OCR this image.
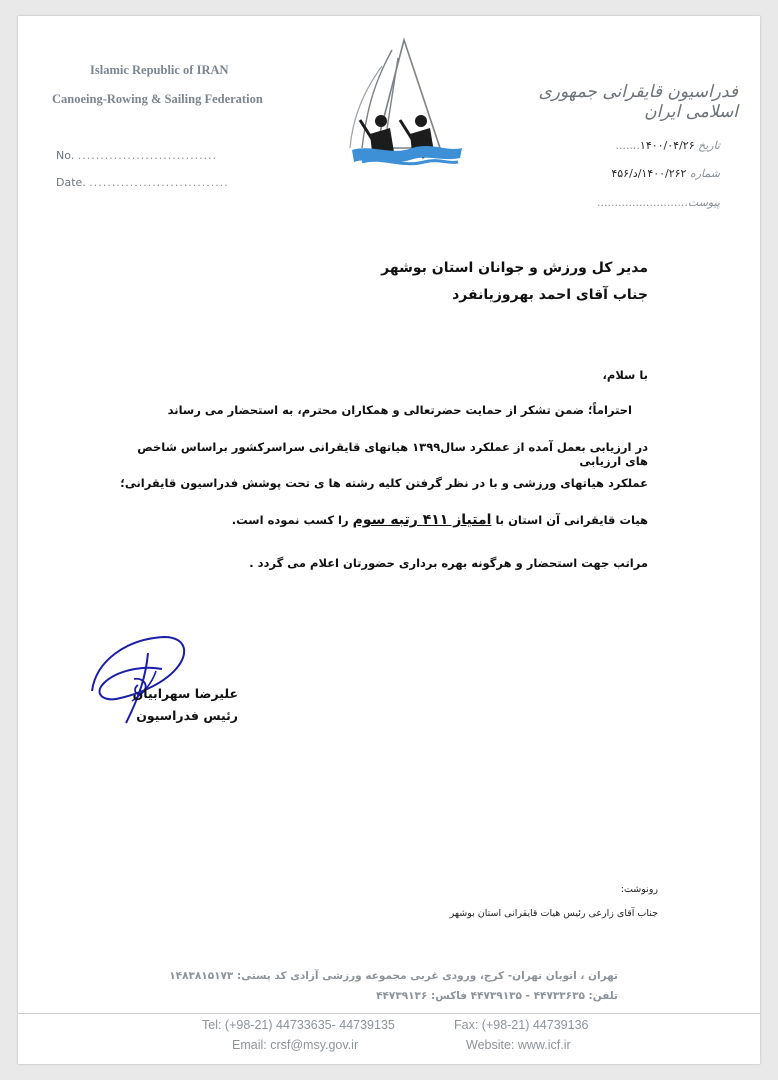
Islamic Republic of IRAN
Canoeing-Rowing & Sailing Federation
No. ...............................
Date. ...............................
فدراسیون قایقرانی جمهوری اسلامی ایران
تاریخ ۱۴۰۰/۰۴/۲۶.......
شماره ۱۴۰۰/۲۶۲/د/۴۵۶
پیوست..........................
مدیر کل ورزش و جوانان استان بوشهر
جناب آقای احمد بهروزیانفرد
با سلام،
احتراماً؛ ضمن تشکر از حمایت حضرتعالی و همکاران محترم، به استحضار می رساند
در ارزیابی بعمل آمده از عملکرد سال۱۳۹۹ هیاتهای قایقرانی سراسرکشور براساس شاخص های ارزیابی
عملکرد هیاتهای ورزشی و با در نظر گرفتن کلیه رشته ها ی تحت پوشش فدراسیون قایقرانی؛
هیات قایقرانی آن استان با امتیاز ۴۱۱ رتبه سوم را کسب نموده است.
مراتب جهت استحضار و هرگونه بهره برداری حضورتان اعلام می گردد .
علیرضا سهرابیان
رئیس فدراسیون
رونوشت:
جناب آقای زارعی رئیس هیات قایقرانی استان بوشهر
تهران ، اتوبان تهران- کرج، ورودی غربی مجموعه ورزشی آزادی کد پستی: ۱۴۸۳۸۱۵۱۷۳
تلفن: ۴۴۷۳۳۶۳۵ - ۴۴۷۳۹۱۳۵ فاکس: ۴۴۷۳۹۱۳۶
Tel: (+98-21) 44733635- 44739135	Fax: (+98-21) 44739136
Email: crsf@msy.gov.ir	Website: www.icf.ir
